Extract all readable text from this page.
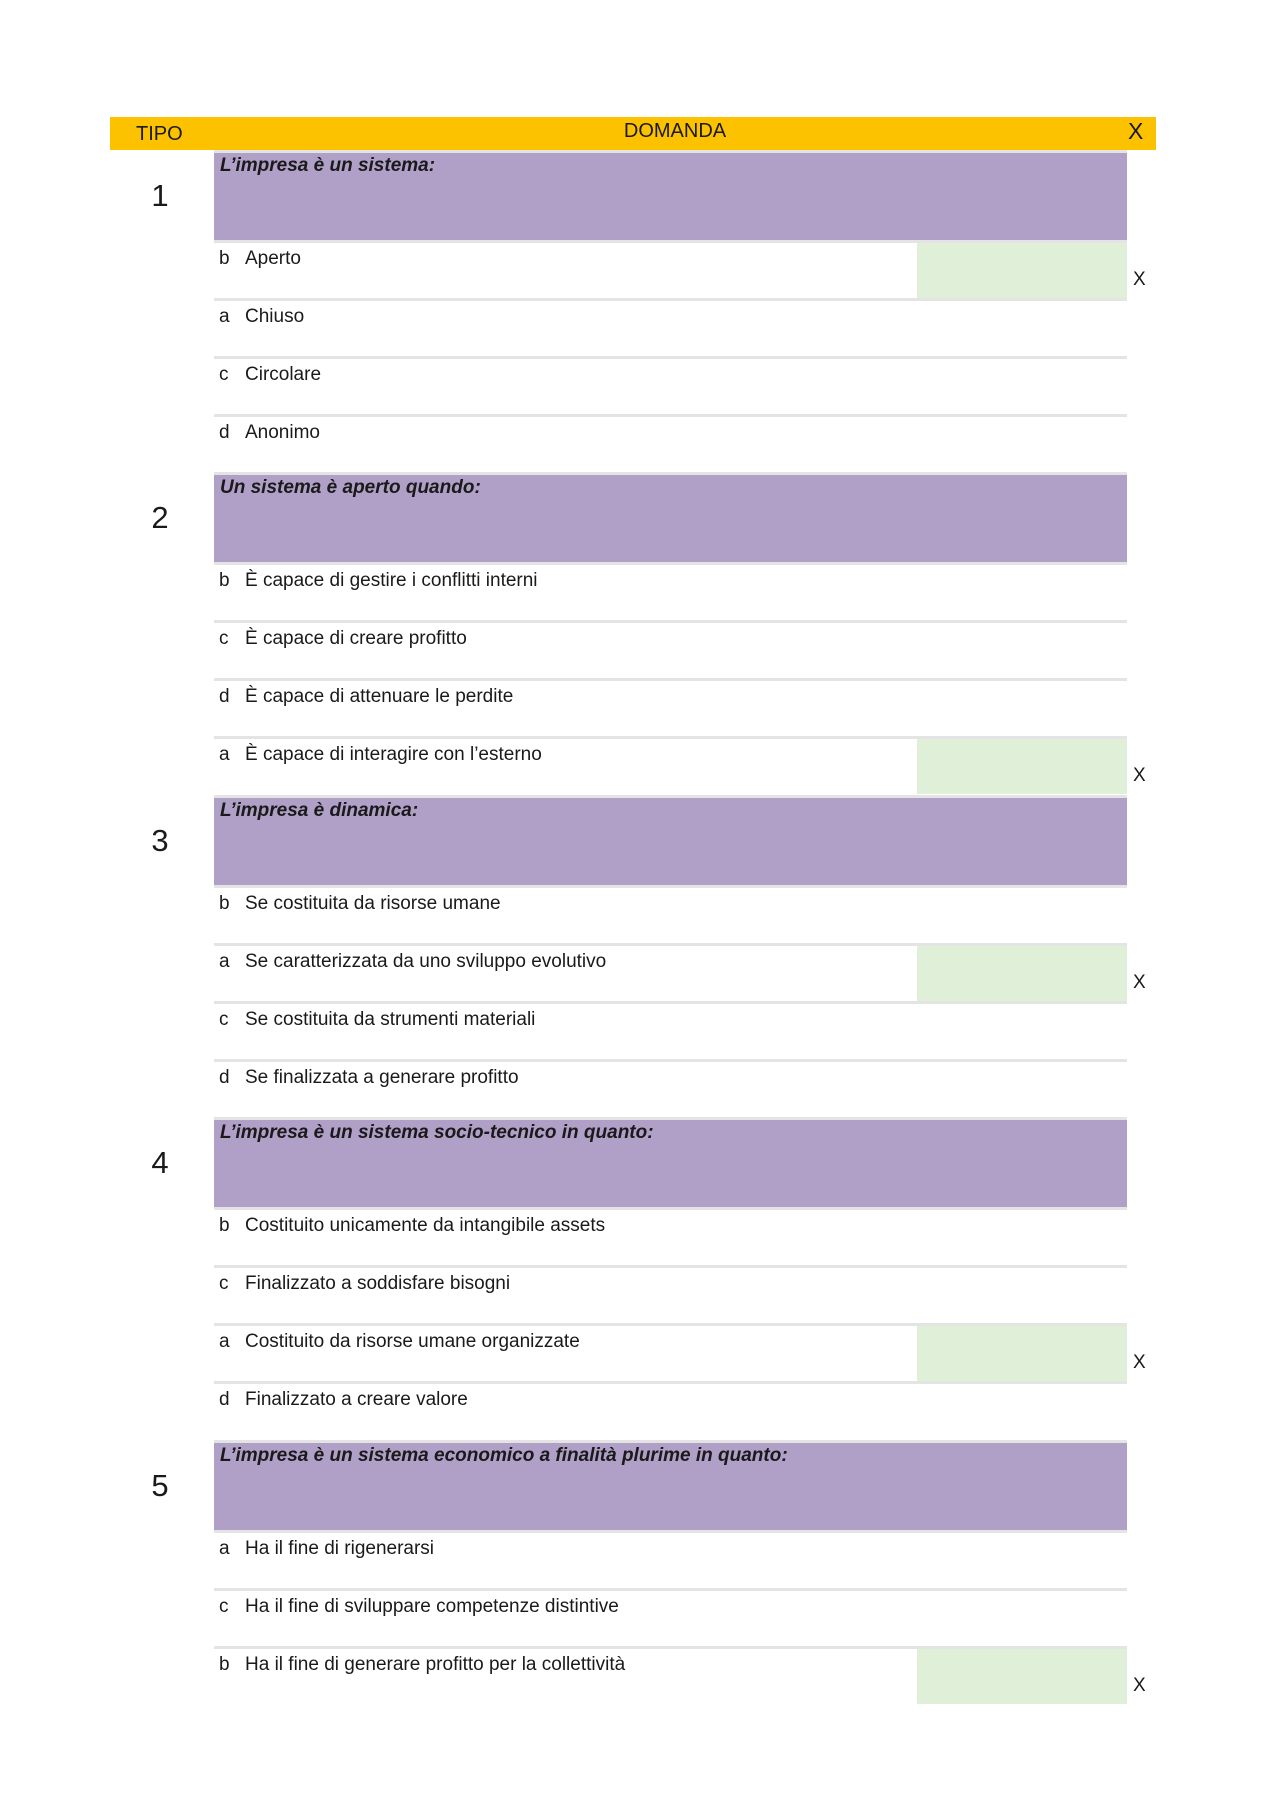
TIPO	DOMANDA	X
1
L’impresa è un sistema:
b Aperto
X
a Chiuso
c Circolare
d Anonimo
2
Un sistema è aperto quando:
b È capace di gestire i conflitti interni
c È capace di creare profitto
d È capace di attenuare le perdite
a È capace di interagire con l’esterno
X
3
L’impresa è dinamica:
b Se costituita da risorse umane
a Se caratterizzata da uno sviluppo evolutivo
X
c Se costituita da strumenti materiali
d Se finalizzata a generare profitto
4
L’impresa è un sistema socio-tecnico in quanto:
b Costituito unicamente da intangibile assets
c Finalizzato a soddisfare bisogni
a Costituito da risorse umane organizzate
X
d Finalizzato a creare valore
5
L’impresa è un sistema economico a finalità plurime in quanto:
a Ha il fine di rigenerarsi
c Ha il fine di sviluppare competenze distintive
b Ha il fine di generare profitto per la collettività
X
